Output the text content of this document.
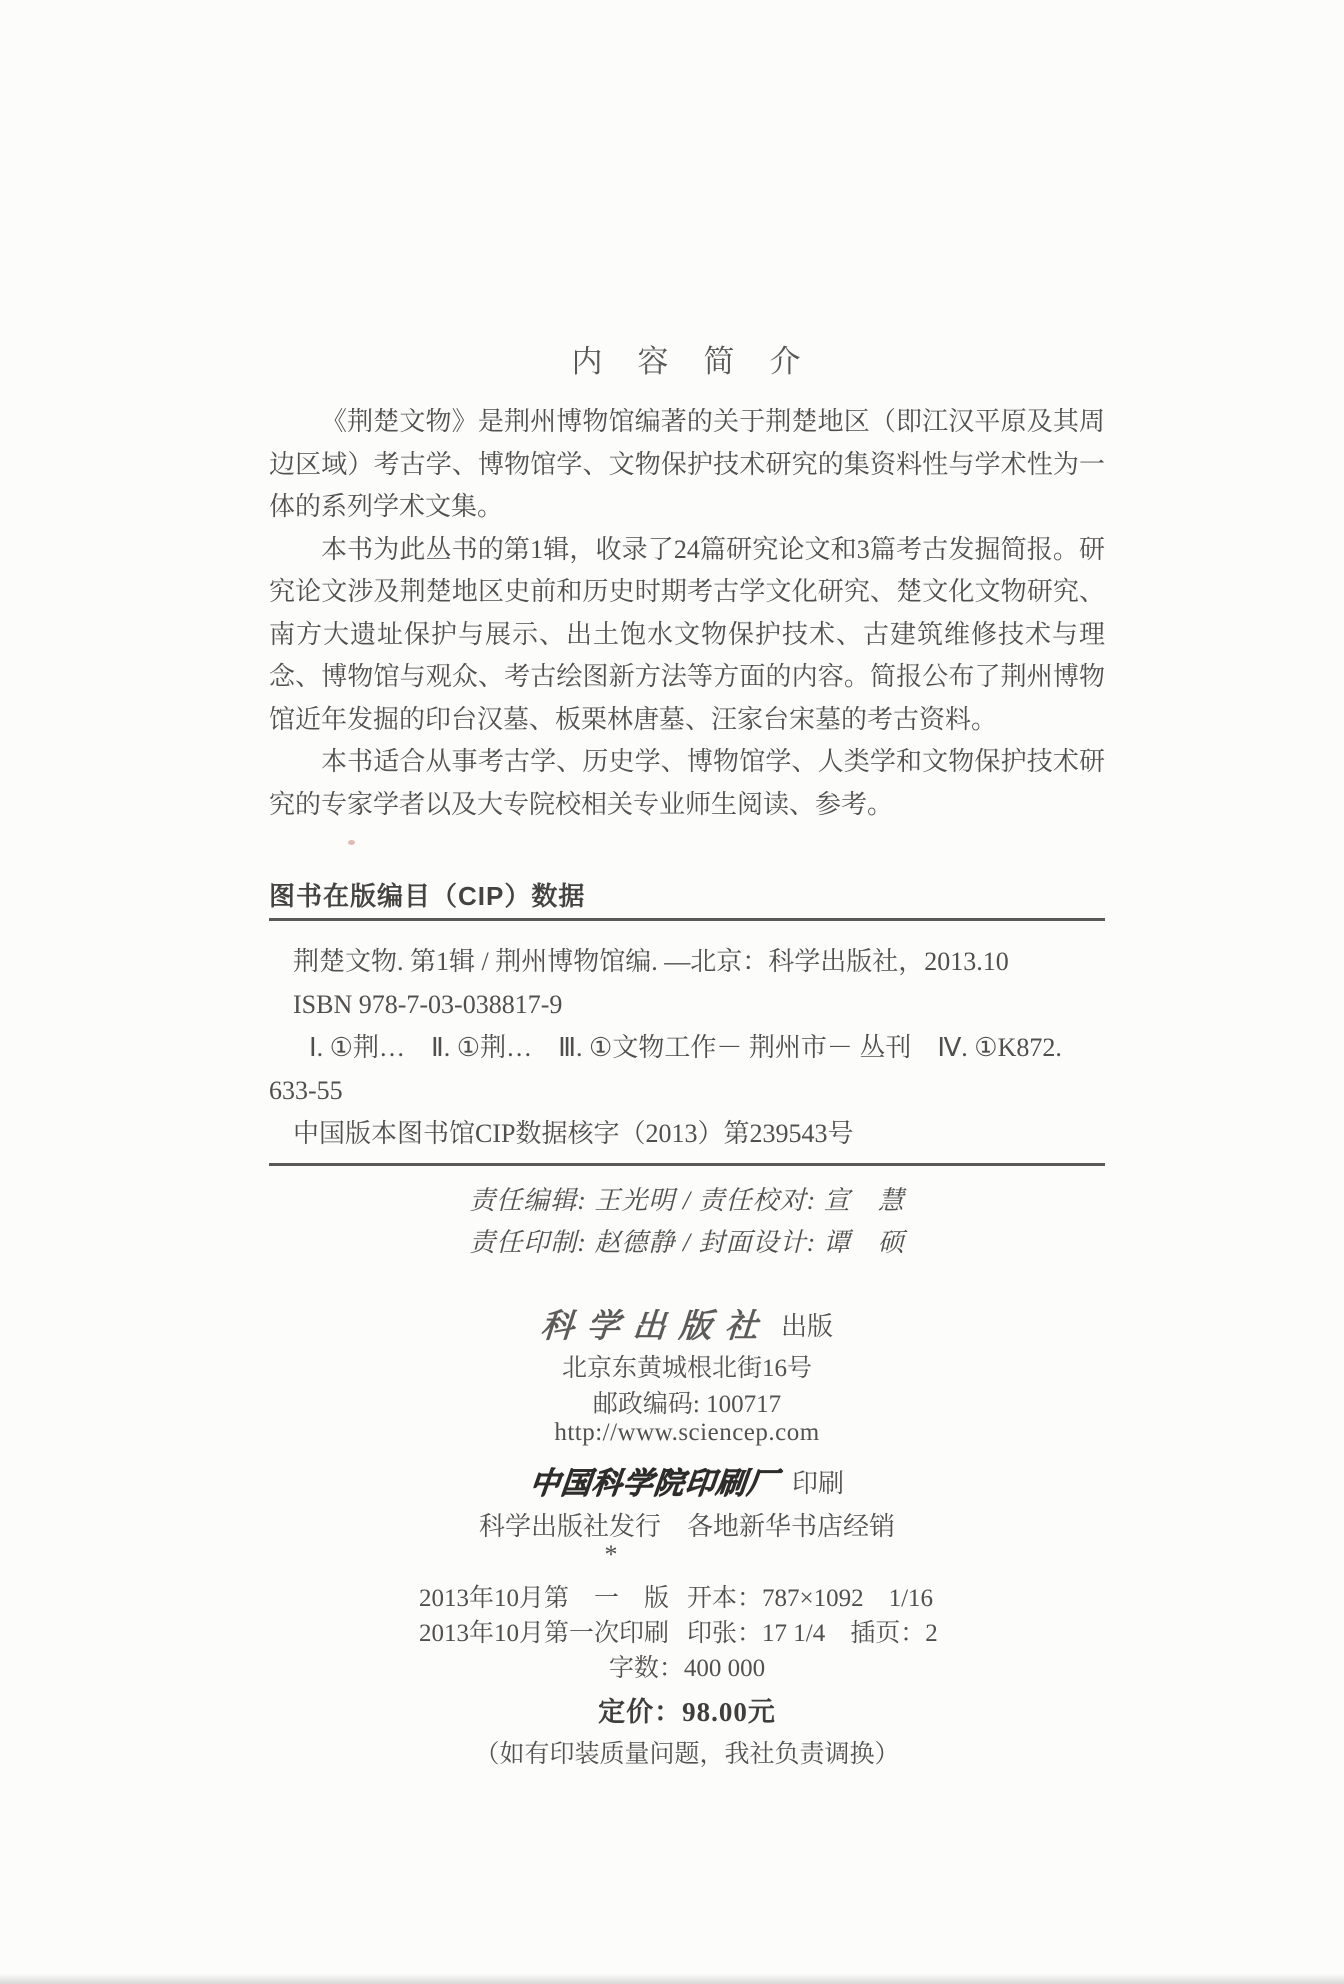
内　容　简　介

《荆楚文物》是荆州博物馆编著的关于荆楚地区（即江汉平原及其周边区域）考古学、博物馆学、文物保护技术研究的集资料性与学术性为一体的系列学术文集。

本书为此丛书的第1辑，收录了24篇研究论文和3篇考古发掘简报。研究论文涉及荆楚地区史前和历史时期考古学文化研究、楚文化文物研究、南方大遗址保护与展示、出土饱水文物保护技术、古建筑维修技术与理念、博物馆与观众、考古绘图新方法等方面的内容。简报公布了荆州博物馆近年发掘的印台汉墓、板栗林唐墓、汪家台宋墓的考古资料。

本书适合从事考古学、历史学、博物馆学、人类学和文物保护技术研究的专家学者以及大专院校相关专业师生阅读、参考。

图书在版编目（CIP）数据
荆楚文物. 第1辑 / 荆州博物馆编. —北京：科学出版社，2013.10
ISBN 978-7-03-038817-9
Ⅰ. ①荆…　Ⅱ. ①荆…　Ⅲ. ①文物工作－ 荆州市－ 丛刊　Ⅳ. ①K872.
633-55
中国版本图书馆CIP数据核字（2013）第239543号
责任编辑: 王光明 / 责任校对: 宣　慧
责任印制: 赵德静 / 封面设计: 谭　硕
科学出版社 出版
北京东黄城根北街16号
邮政编码: 100717
http://www.sciencep.com
中国科学院印刷厂 印刷
科学出版社发行　各地新华书店经销
*
2013年10月第　一　版 开本：787×1092　1/16
2013年10月第一次印刷 印张：17 1/4　插页：2
字数：400 000
定价：98.00元
（如有印装质量问题，我社负责调换）
